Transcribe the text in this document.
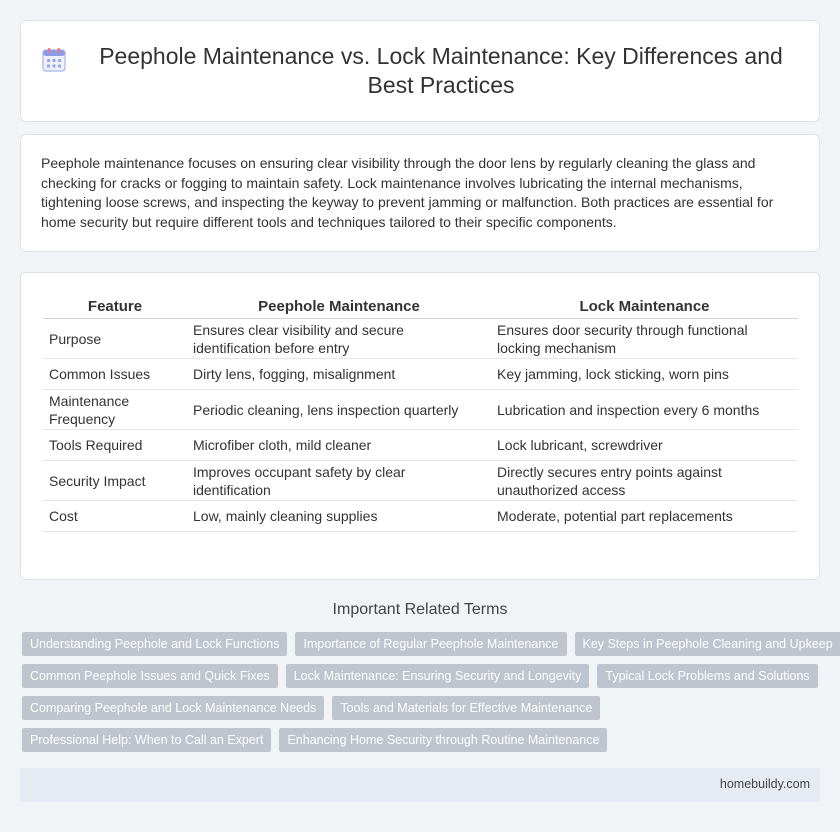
Peephole Maintenance vs. Lock Maintenance: Key Differences and Best Practices

Peephole maintenance focuses on ensuring clear visibility through the door lens by regularly cleaning the glass and checking for cracks or fogging to maintain safety. Lock maintenance involves lubricating the internal mechanisms, tightening loose screws, and inspecting the keyway to prevent jamming or malfunction. Both practices are essential for home security but require different tools and techniques tailored to their specific components.

Feature	Peephole Maintenance	Lock Maintenance
Purpose	Ensures clear visibility and secure identification before entry	Ensures door security through functional locking mechanism
Common Issues	Dirty lens, fogging, misalignment	Key jamming, lock sticking, worn pins
Maintenance Frequency	Periodic cleaning, lens inspection quarterly	Lubrication and inspection every 6 months
Tools Required	Microfiber cloth, mild cleaner	Lock lubricant, screwdriver
Security Impact	Improves occupant safety by clear identification	Directly secures entry points against unauthorized access
Cost	Low, mainly cleaning supplies	Moderate, potential part replacements
Important Related Terms
Understanding Peephole and Lock Functions	Importance of Regular Peephole Maintenance	Key Steps in Peephole Cleaning and Upkeep
Common Peephole Issues and Quick Fixes	Lock Maintenance: Ensuring Security and Longevity	Typical Lock Problems and Solutions
Comparing Peephole and Lock Maintenance Needs	Tools and Materials for Effective Maintenance
Professional Help: When to Call an Expert	Enhancing Home Security through Routine Maintenance
homebuildy.com
